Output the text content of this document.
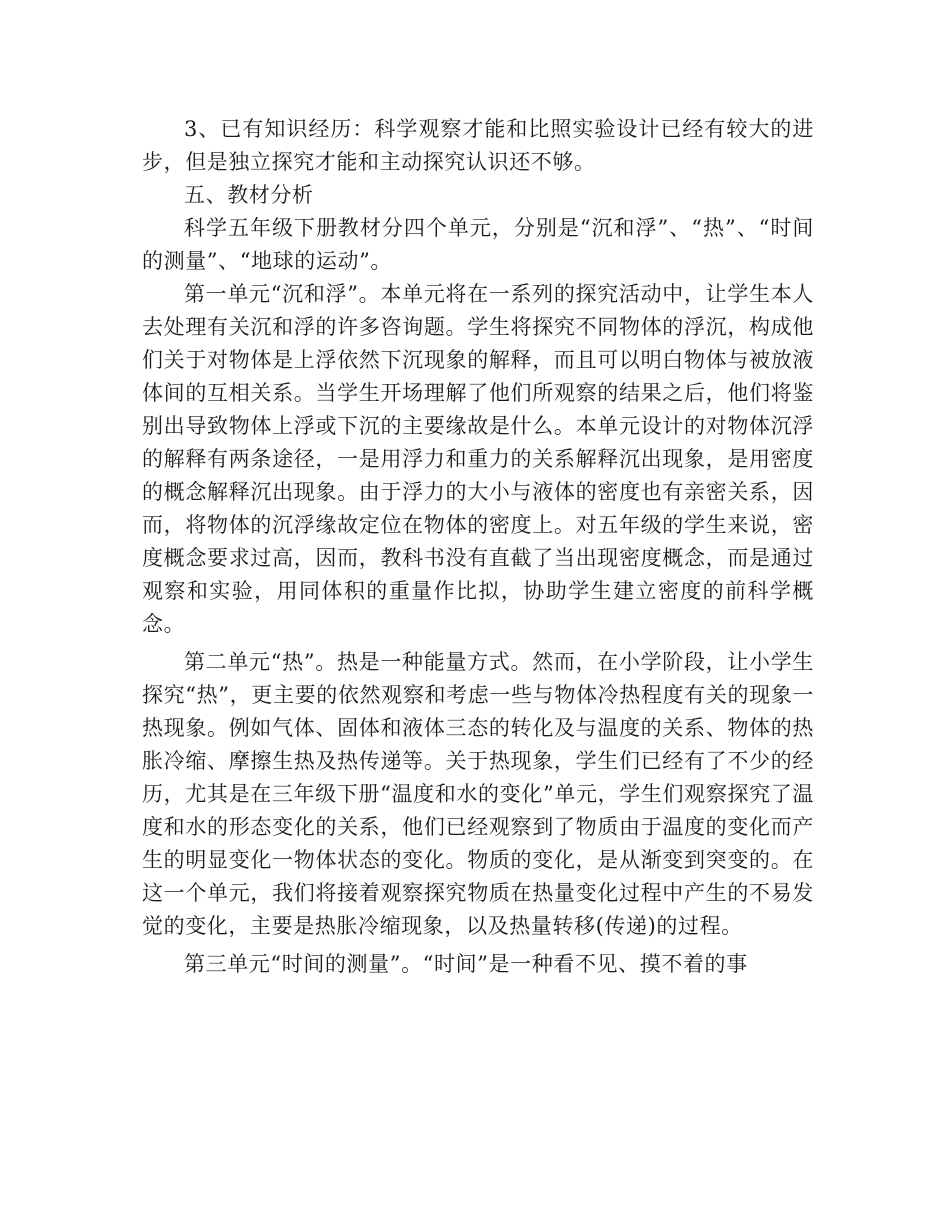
3、已有知识经历：科学观察才能和比照实验设计已经有较大的进步，但是独立探究才能和主动探究认识还不够。

五、教材分析

科学五年级下册教材分四个单元，分别是“沉和浮”、“热”、“时间的测量”、“地球的运动”。

第一单元“沉和浮”。本单元将在一系列的探究活动中，让学生本人去处理有关沉和浮的许多咨询题。学生将探究不同物体的浮沉，构成他们关于对物体是上浮依然下沉现象的解释，而且可以明白物体与被放液体间的互相关系。当学生开场理解了他们所观察的结果之后，他们将鉴别出导致物体上浮或下沉的主要缘故是什么。本单元设计的对物体沉浮的解释有两条途径，一是用浮力和重力的关系解释沉出现象，是用密度的概念解释沉出现象。由于浮力的大小与液体的密度也有亲密关系，因而，将物体的沉浮缘故定位在物体的密度上。对五年级的学生来说，密度概念要求过高，因而，教科书没有直截了当出现密度概念，而是通过观察和实验，用同体积的重量作比拟，协助学生建立密度的前科学概念。

第二单元“热”。热是一种能量方式。然而，在小学阶段，让小学生探究“热”，更主要的依然观察和考虑一些与物体冷热程度有关的现象一热现象。例如气体、固体和液体三态的转化及与温度的关系、物体的热胀冷缩、摩擦生热及热传递等。关于热现象，学生们已经有了不少的经历，尤其是在三年级下册“温度和水的变化”单元，学生们观察探究了温度和水的形态变化的关系，他们已经观察到了物质由于温度的变化而产生的明显变化一物体状态的变化。物质的变化，是从渐变到突变的。在这一个单元，我们将接着观察探究物质在热量变化过程中产生的不易发觉的变化，主要是热胀冷缩现象，以及热量转移(传递)的过程。

第三单元“时间的测量”。“时间”是一种看不见、摸不着的事
